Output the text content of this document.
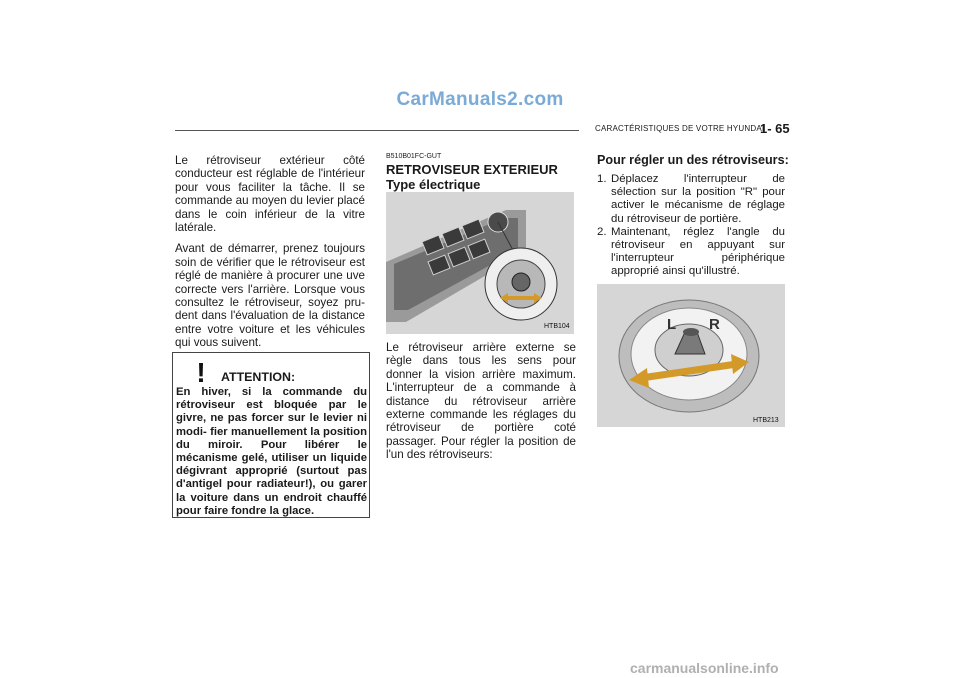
CarManuals2.com
CARACTÉRISTIQUES DE VOTRE HYUNDAI
1- 65

Le rétroviseur extérieur côté conducteur est réglable de l'intérieur pour vous faciliter la tâche. Il se commande au moyen du levier placé dans le coin inférieur de la vitre latérale.

Avant de démarrer, prenez toujours soin de vérifier que le rétroviseur est réglé de manière à procurer une uve correcte vers l'arrière. Lorsque vous consultez le rétroviseur, soyez pru- dent dans l'évaluation de la distance entre votre voiture et les véhicules qui vous suivent.

! ATTENTION:
En hiver, si la commande du rétroviseur est bloquée par le givre, ne pas forcer sur le levier ni modi- fier manuellement la position du miroir. Pour libérer le mécanisme gelé, utiliser un liquide dégivrant approprié (surtout pas d'antigel pour radiateur!), ou garer la voiture dans un endroit chauffé pour faire fondre la glace.
B510B01FC-GUT
RETROVISEUR EXTERIEUR
Type électrique
HTB104
Le rétroviseur arrière externe se règle dans tous les sens pour donner la vision arrière maximum. L'interrupteur de a commande à distance du rétroviseur arrière externe commande les réglages du rétroviseur de portière coté passager. Pour régler la position de l'un des rétroviseurs:
Pour régler un des rétroviseurs:
1. Déplacez l'interrupteur de sélection sur la position "R" pour activer le mécanisme de réglage du rétroviseur de portière.
2. Maintenant, réglez l'angle du rétroviseur en appuyant sur l'interrupteur périphérique approprié ainsi qu'illustré.
L R
HTB213
carmanualsonline.info
